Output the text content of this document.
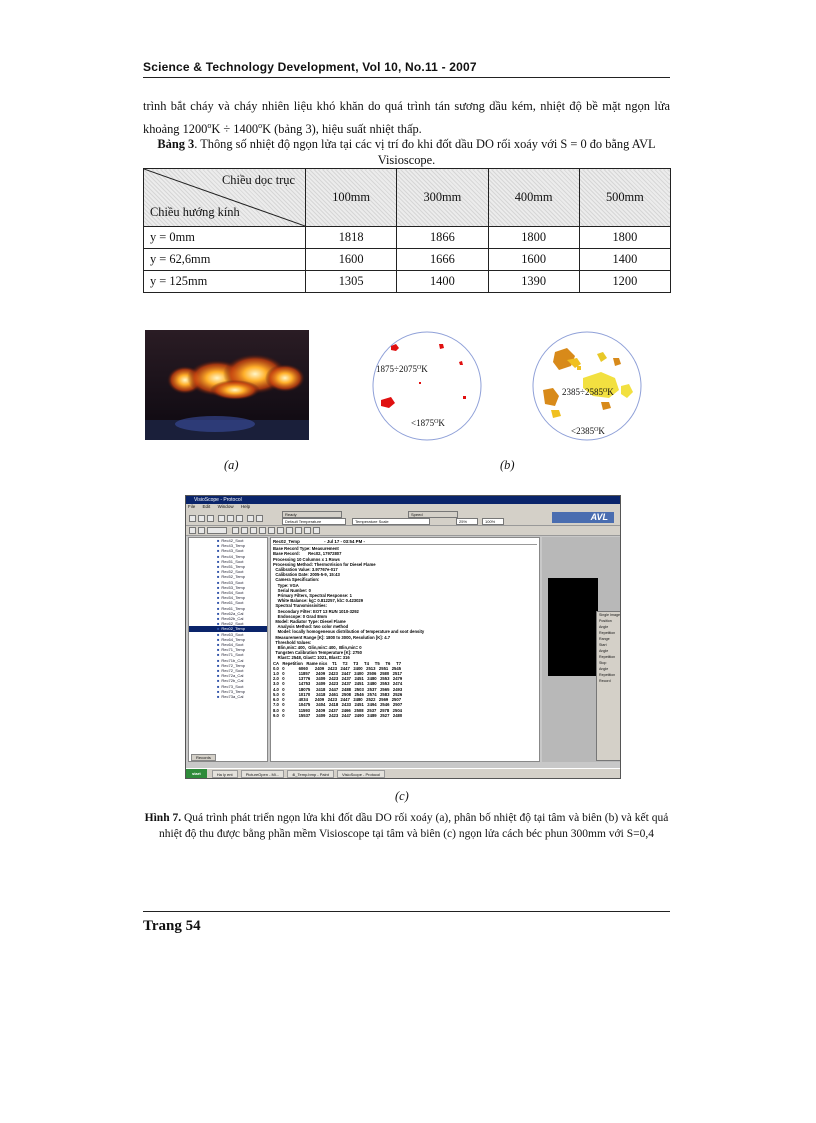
Science & Technology Development, Vol 10, No.11 - 2007
trình bắt cháy và cháy nhiên liệu khó khăn do quá trình tán sương dầu kém, nhiệt độ bề mặt ngọn lửa khoảng $1200^oK \div 1400^oK$ (bảng 3), hiệu suất nhiệt thấp.
Bảng 3. Thông số nhiệt độ ngọn lửa tại các vị trí đo khi đốt dầu DO rối xoáy với S = 0 đo bằng AVL Visioscope.
Chiều dọc trục
Chiều hướng kính	100mm	300mm	400mm	500mm
y = 0mm	1818	1866	1800	1800
y = 62,6mm	1600	1666	1600	1400
y = 125mm	1305	1400	1390	1200
$1875\div 2075^OK$
$<1875^OK$
$2385\div 2585^OK$
$<2385^OK$
(a)	(b)
VisioScope - Protocol
File Edit Window Help
Ready	Speed
Default Temperature	Temperature Scale	25%	100%	AVL
■ Rec42_Soot
■ Rec43_Temp
■ Rec43_Soot
■ Rec44_Temp
■ Rec51_Soot
■ Rec51_Temp
■ Rec52_Soot
■ Rec52_Temp
■ Rec53_Soot
■ Rec53_Temp
■ Rec54_Soot
■ Rec54_Temp
■ Rec61_Soot
■ Rec61_Temp
■ Rec62a_Cal
■ Rec62b_Cal
■ Rec62_Soot
■ Rec02_Temp
■ Rec63_Soot
■ Rec64_Temp
■ Rec64_Soot
■ Rec71_Temp
■ Rec71_Soot
■ Rec71b_Cal
■ Rec72_Temp
■ Rec72_Soot
■ Rec72a_Cal
■ Rec72b_Cal
■ Rec73_Soot
■ Rec73_Temp
■ Rec73a_Cal
Records
Rec02_Temp                    - Jul 17 - 03:54 PM -
Base Record Type: Measurement
Base Record:       Rec02, 17972807
Processing 10 Columns x 1 Rows
Processing Method: ThermoVision for Diesel Flame
Calibration Value: 3.97767e-017
Calibration Date: 2005-5-9, 15:43
Camera Specification:
Type: VGA
Serial Number: 0
Primary Filters, Spectral Response: 1
White Balance: kg= 0.812257, kb= 0.423029
Spectral Transmissivities:
Secondary Filter: EOT 13 RUN 1010-3292
Endoscope: 0 Grad 8mm
Model: Radiator Type: Diesel Flame
Analysis Method: two color method
Model: locally homogeneous distribution of temperature and soot density
Measurement Range [K]: 1800 to 3000, Resolution [K]: 4.7
Threshold Values:
Blin,min= 400,  Glin,min= 400,  Blin,min= 0
Tungsten Calibration Temperature [K]: 2750
Rlast= 2548, Glast= 1021, Blast= 316
CA   Repetition   Rame nics    T1     T2     T3     T4     T5     T6     T7
0.0   0            6060      2409   2423   2447   2400   2513   2551   2545
1.0   0            11857     2409   2423   2447   2400   2506   2580   2517
2.0   0            13776     2409   2423   2437   2451   2480   2553   2479
3.0   0            14753     2409   2423   2437   2451   2480   2553   2474
4.0   0            18075     2418   2447   2488   2503   2537   2565   2493
5.0   0            10170     2418   2461   2508   2546   2574   2583   2526
6.0   0            4034      2409   2423   2447   2480   2522   2569   2507
7.0   0            10475     2404   2418   2433   2451   2494   2546   2507
8.0   0            11593     2409   2437   2466   2508   2537   2578   2504
9.0   0            15537     2409   2423   2447   2490   2489   2527   2480
Single Image
Position
Angle
Repetition
Range
Start
Angle
Repetition
Stop
Angle
Repetition
Record
start	Ha ly ent	PictureOpen - Mi...	4l_Temp.bmp - Paint	VisioScope - Protocol
(c)
Hình 7. Quá trình phát triển ngọn lửa khi đốt dầu DO rối xoáy (a), phân bố nhiệt độ tại tâm và biên (b) và kết quả nhiệt độ thu được bằng phần mềm Visioscope tại tâm và biên (c) ngọn lửa cách béc phun 300mm với S=0,4
Trang 54
